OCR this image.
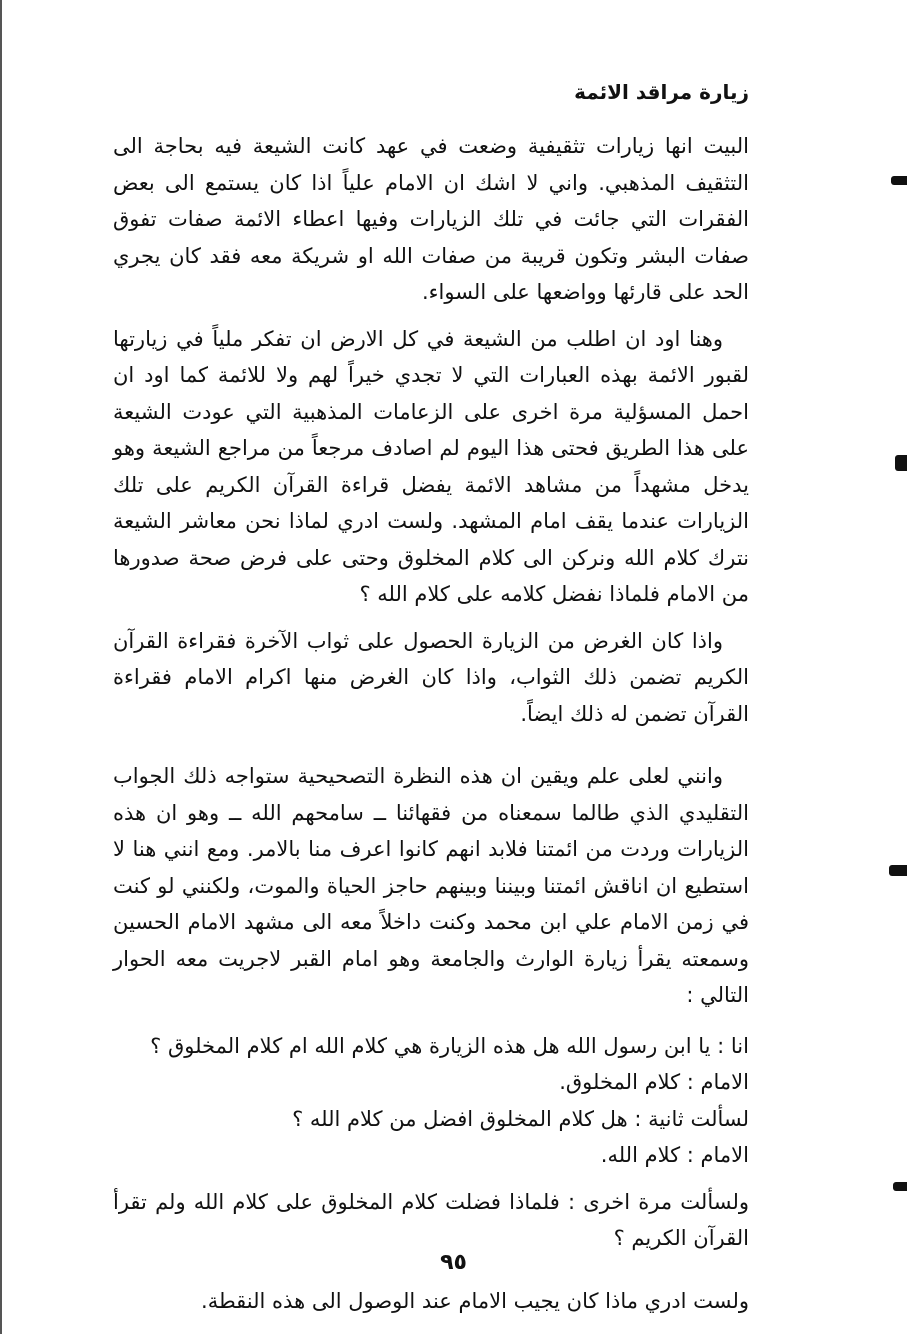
زيارة مراقد الائمة

البيت انها زيارات تثقيفية وضعت في عهد كانت الشيعة فيه بحاجة الى التثقيف المذهبي. واني لا اشك ان الامام علياً اذا كان يستمع الى بعض الفقرات التي جائت في تلك الزيارات وفيها اعطاء الائمة صفات تفوق صفات البشر وتكون قريبة من صفات الله او شريكة معه فقد كان يجري الحد على قارئها وواضعها على السواء.

وهنا اود ان اطلب من الشيعة في كل الارض ان تفكر ملياً في زيارتها لقبور الائمة بهذه العبارات التي لا تجدي خيراً لهم ولا للائمة كما اود ان احمل المسؤلية مرة اخرى على الزعامات المذهبية التي عودت الشيعة على هذا الطريق فحتى هذا اليوم لم اصادف مرجعاً من مراجع الشيعة وهو يدخل مشهداً من مشاهد الائمة يفضل قراءة القرآن الكريم على تلك الزيارات عندما يقف امام المشهد. ولست ادري لماذا نحن معاشر الشيعة نترك كلام الله ونركن الى كلام المخلوق وحتى على فرض صحة صدورها من الامام فلماذا نفضل كلامه على كلام الله ؟

واذا كان الغرض من الزيارة الحصول على ثواب الآخرة فقراءة القرآن الكريم تضمن ذلك الثواب، واذا كان الغرض منها اكرام الامام فقراءة القرآن تضمن له ذلك ايضاً.

وانني لعلى علم ويقين ان هذه النظرة التصحيحية ستواجه ذلك الجواب التقليدي الذي طالما سمعناه من فقهائنا ــ سامحهم الله ــ وهو ان هذه الزيارات وردت من ائمتنا فلابد انهم كانوا اعرف منا بالامر. ومع انني هنا لا استطيع ان اناقش ائمتنا وبيننا وبينهم حاجز الحياة والموت، ولكنني لو كنت في زمن الامام علي ابن محمد وكنت داخلاً معه الى مشهد الامام الحسين وسمعته يقرأ زيارة الوارث والجامعة وهو امام القبر لاجريت معه الحوار التالي :

انا : يا ابن رسول الله هل هذه الزيارة هي كلام الله ام كلام المخلوق ؟

الامام : كلام المخلوق.

لسألت ثانية : هل كلام المخلوق افضل من كلام الله ؟

الامام : كلام الله.

ولسألت مرة اخرى : فلماذا فضلت كلام المخلوق على كلام الله ولم تقرأ القرآن الكريم ؟

ولست ادري ماذا كان يجيب الامام عند الوصول الى هذه النقطة.

٩٥
